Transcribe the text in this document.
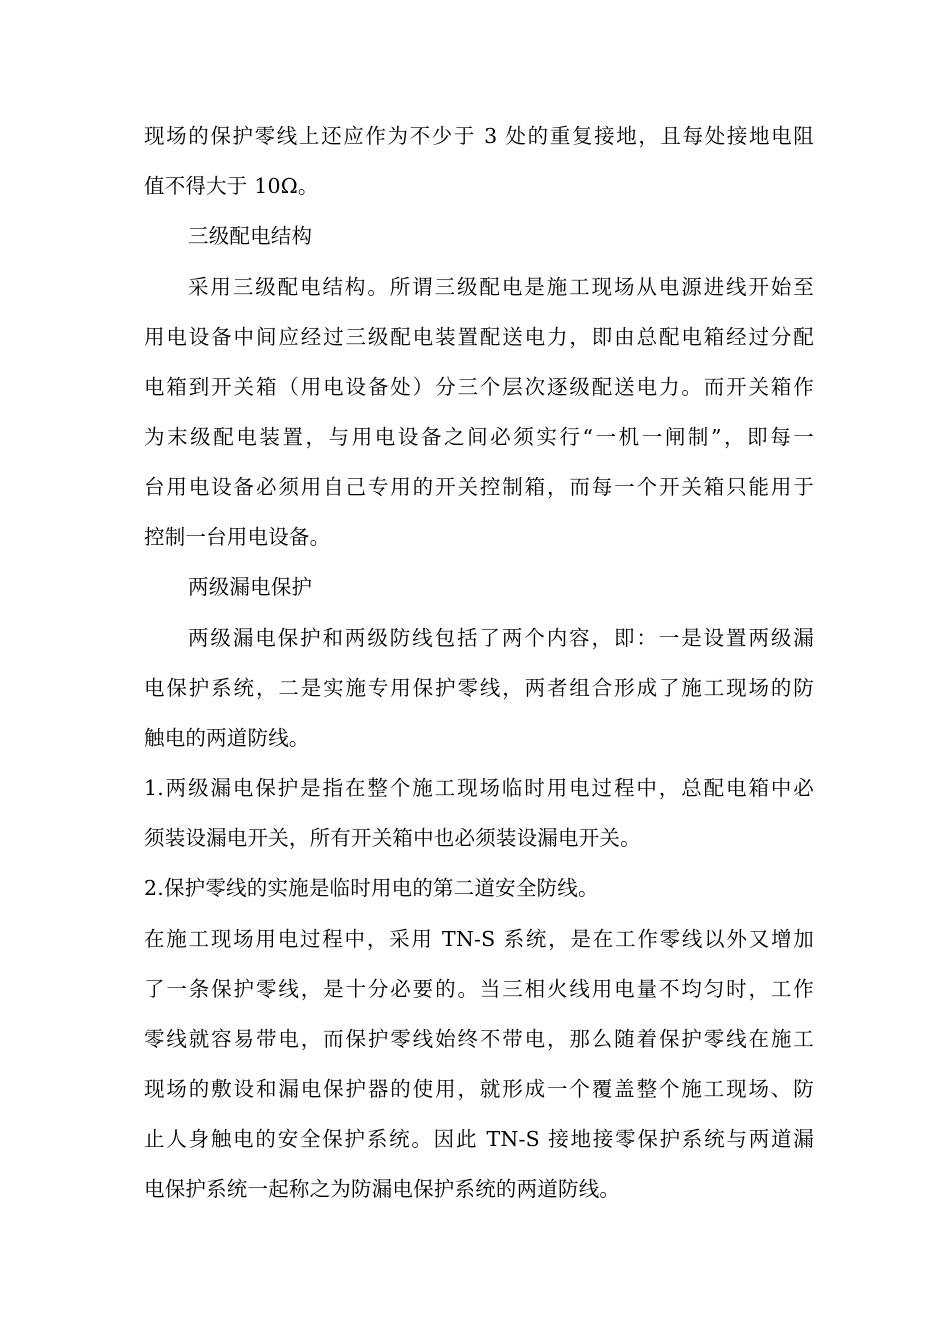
现场的保护零线上还应作为不少于 3 处的重复接地，且每处接地电阻
值不得大于 10Ω。
三级配电结构
采用三级配电结构。所谓三级配电是施工现场从电源进线开始至
用电设备中间应经过三级配电装置配送电力，即由总配电箱经过分配
电箱到开关箱（用电设备处）分三个层次逐级配送电力。而开关箱作
为末级配电装置，与用电设备之间必须实行“一机一闸制”，即每一
台用电设备必须用自己专用的开关控制箱，而每一个开关箱只能用于
控制一台用电设备。
两级漏电保护
两级漏电保护和两级防线包括了两个内容，即：一是设置两级漏
电保护系统，二是实施专用保护零线，两者组合形成了施工现场的防
触电的两道防线。
1.两级漏电保护是指在整个施工现场临时用电过程中，总配电箱中必
须装设漏电开关，所有开关箱中也必须装设漏电开关。
2.保护零线的实施是临时用电的第二道安全防线。
在施工现场用电过程中，采用 TN-S 系统，是在工作零线以外又增加
了一条保护零线，是十分必要的。当三相火线用电量不均匀时，工作
零线就容易带电，而保护零线始终不带电，那么随着保护零线在施工
现场的敷设和漏电保护器的使用，就形成一个覆盖整个施工现场、防
止人身触电的安全保护系统。因此 TN-S 接地接零保护系统与两道漏
电保护系统一起称之为防漏电保护系统的两道防线。
